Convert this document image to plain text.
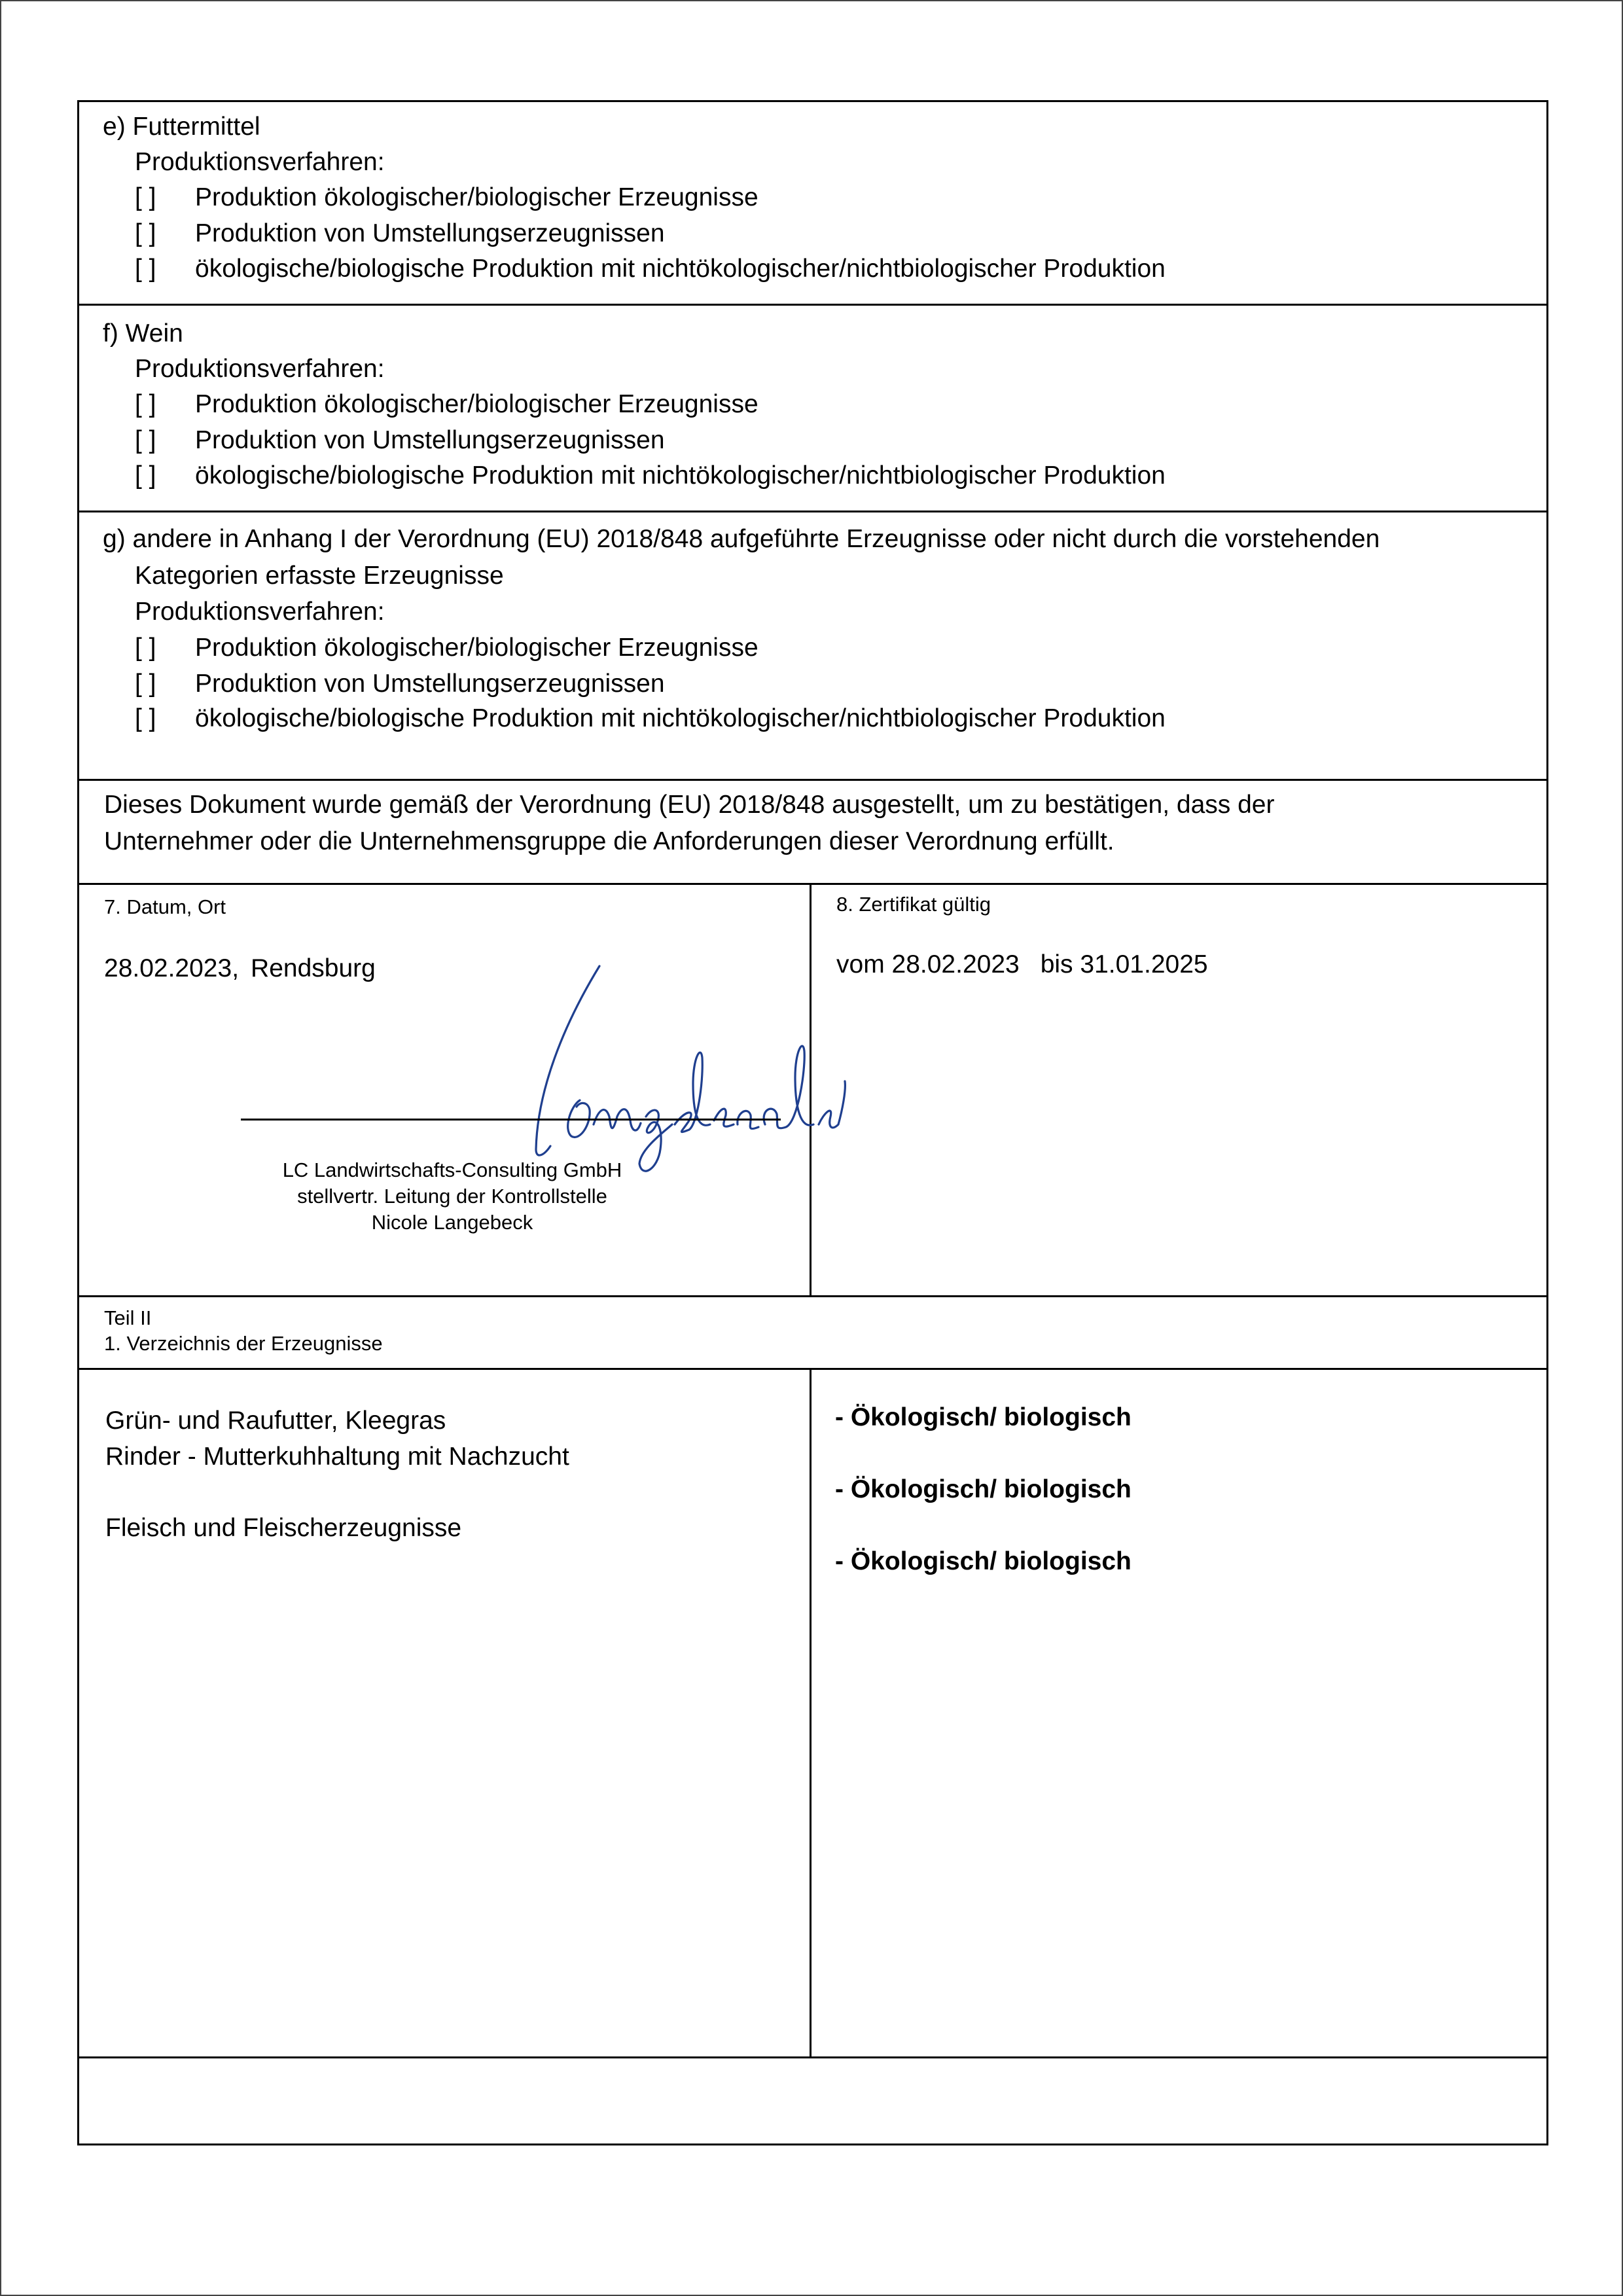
e) Futtermittel
Produktionsverfahren:
[ ] Produktion ökologischer/biologischer Erzeugnisse
[ ] Produktion von Umstellungserzeugnissen
[ ] ökologische/biologische Produktion mit nichtökologischer/nichtbiologischer Produktion
f) Wein
Produktionsverfahren:
[ ] Produktion ökologischer/biologischer Erzeugnisse
[ ] Produktion von Umstellungserzeugnissen
[ ] ökologische/biologische Produktion mit nichtökologischer/nichtbiologischer Produktion
g) andere in Anhang I der Verordnung (EU) 2018/848 aufgeführte Erzeugnisse oder nicht durch die vorstehenden
Kategorien erfasste Erzeugnisse
Produktionsverfahren:
[ ] Produktion ökologischer/biologischer Erzeugnisse
[ ] Produktion von Umstellungserzeugnissen
[ ] ökologische/biologische Produktion mit nichtökologischer/nichtbiologischer Produktion
Dieses Dokument wurde gemäß der Verordnung (EU) 2018/848 ausgestellt, um zu bestätigen, dass der
Unternehmer oder die Unternehmensgruppe die Anforderungen dieser Verordnung erfüllt.
7. Datum, Ort
28.02.2023, Rendsburg
LC Landwirtschafts-Consulting GmbH
stellvertr. Leitung der Kontrollstelle
Nicole Langebeck
8. Zertifikat gültig
vom 28.02.2023 bis 31.01.2025
Teil II
1. Verzeichnis der Erzeugnisse
Grün- und Raufutter, Kleegras
Rinder - Mutterkuhhaltung mit Nachzucht
Fleisch und Fleischerzeugnisse
- Ökologisch/ biologisch
- Ökologisch/ biologisch
- Ökologisch/ biologisch
